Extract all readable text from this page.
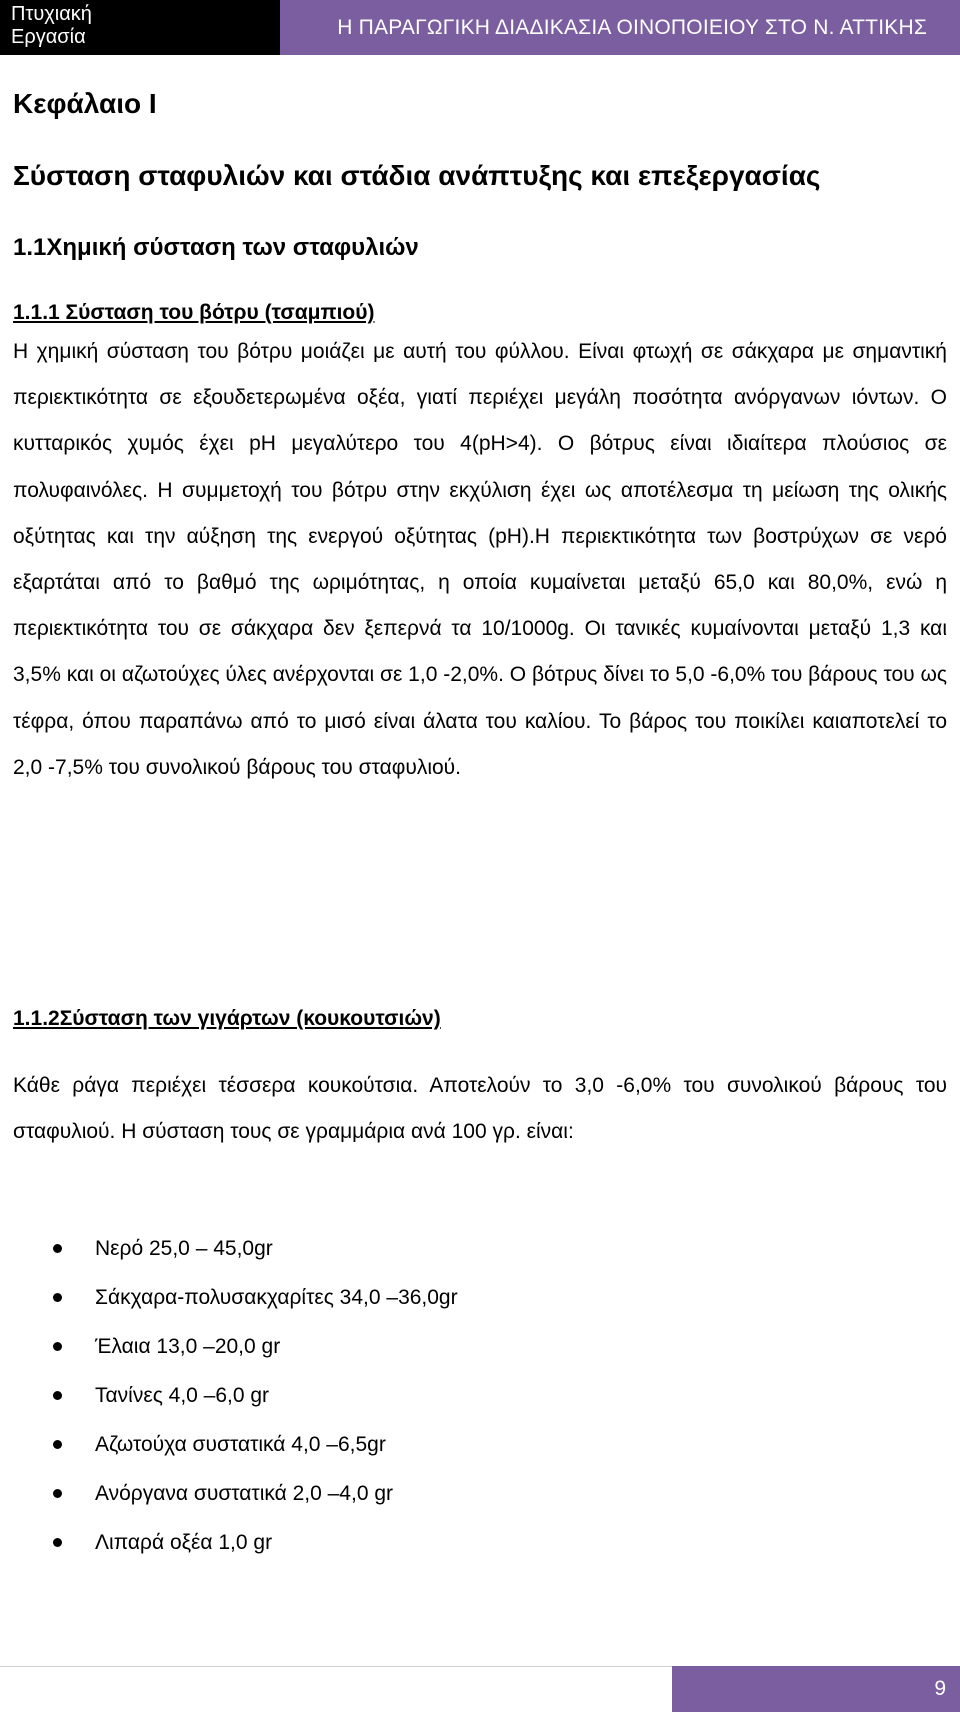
Πτυχιακή
Εργασία	Η ΠΑΡΑΓΩΓΙΚΗ ΔΙΑΔΙΚΑΣΙΑ ΟΙΝΟΠΟΙΕΙΟΥ ΣΤΟ Ν. ΑΤΤΙΚΗΣ
Κεφάλαιο Ι
Σύσταση σταφυλιών και στάδια ανάπτυξης και επεξεργασίας
1.1Χημική σύσταση των σταφυλιών
1.1.1 Σύσταση του βότρυ (τσαμπιού)

Η χημική σύσταση του βότρυ μοιάζει με αυτή του φύλλου. Είναι φτωχή σε σάκχαρα με σημαντική περιεκτικότητα σε εξουδετερωμένα οξέα, γιατί περιέχει μεγάλη ποσότητα ανόργανων ιόντων. Ο κυτταρικός χυμός έχει pH μεγαλύτερο του 4(pH>4). Ο βότρυς είναι ιδιαίτερα πλούσιος σε πολυφαινόλες. Η συμμετοχή του βότρυ στην εκχύλιση έχει ως αποτέλεσμα τη μείωση της ολικής οξύτητας και την αύξηση της ενεργού οξύτητας (pH).Η περιεκτικότητα των βοστρύχων σε νερό εξαρτάται από το βαθμό της ωριμότητας, η οποία κυμαίνεται μεταξύ 65,0 και 80,0%, ενώ η περιεκτικότητα του σε σάκχαρα δεν ξεπερνά τα 10/1000g. Οι τανικές κυμαίνονται μεταξύ 1,3 και 3,5% και οι αζωτούχες ύλες ανέρχονται σε 1,0 -2,0%. Ο βότρυς δίνει το 5,0 -6,0% του βάρους του ως τέφρα, όπου παραπάνω από το μισό είναι άλατα του καλίου. Το βάρος του ποικίλει καιαποτελεί το 2,0 -7,5% του συνολικού βάρους του σταφυλιού.

1.1.2Σύσταση των γιγάρτων (κουκουτσιών)

Κάθε ράγα περιέχει τέσσερα κουκούτσια. Αποτελούν το 3,0 -6,0% του συνολικού βάρους του σταφυλιού. Η σύσταση τους σε γραμμάρια ανά 100 γρ. είναι:

Νερό 25,0 – 45,0gr
Σάκχαρα-πολυσακχαρίτες 34,0 –36,0gr
Έλαια 13,0 –20,0 gr
Τανίνες 4,0 –6,0 gr
Αζωτούχα συστατικά 4,0 –6,5gr
Ανόργανα συστατικά 2,0 –4,0 gr
Λιπαρά οξέα 1,0 gr
9
